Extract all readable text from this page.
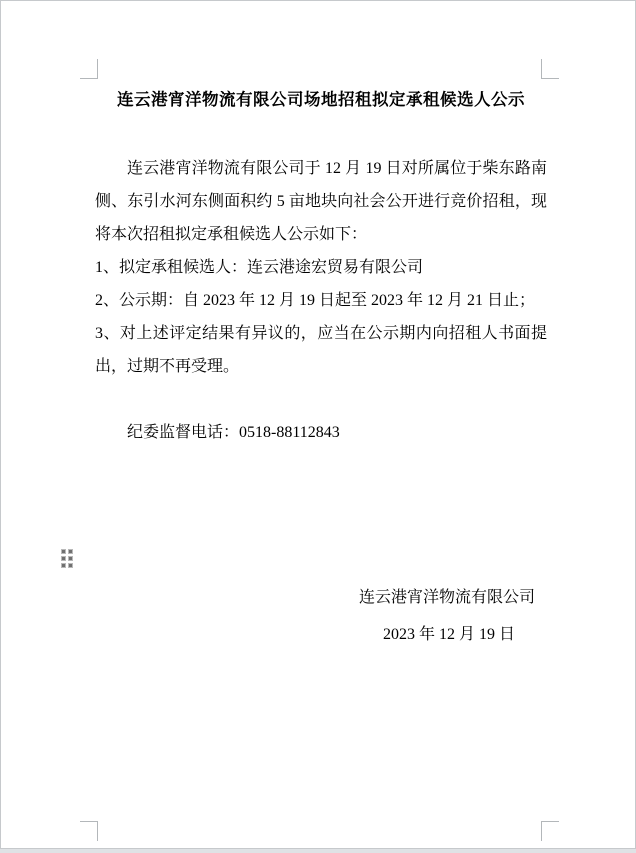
连云港宵洋物流有限公司场地招租拟定承租候选人公示

连云港宵洋物流有限公司于 12 月 19 日对所属位于柴东路南侧、东引水河东侧面积约 5 亩地块向社会公开进行竞价招租，现将本次招租拟定承租候选人公示如下：

1、拟定承租候选人：连云港途宏贸易有限公司

2、公示期：自 2023 年 12 月 19 日起至 2023 年 12 月 21 日止；

3、对上述评定结果有异议的，应当在公示期内向招租人书面提出，过期不再受理。

纪委监督电话：0518-88112843

连云港宵洋物流有限公司
2023 年 12 月 19 日
